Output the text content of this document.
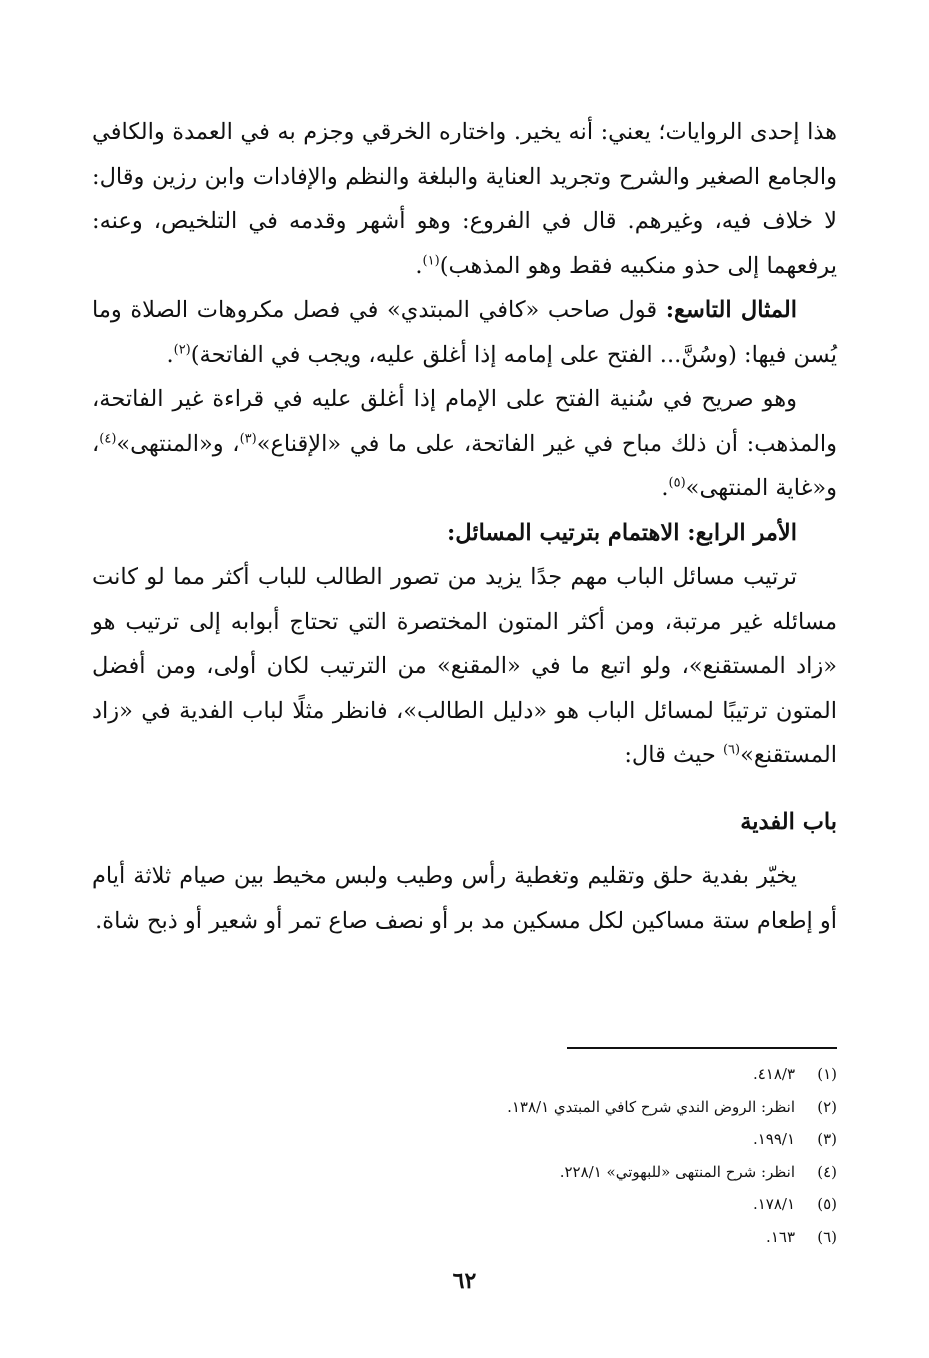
هذا إحدى الروايات؛ يعني: أنه يخير. واختاره الخرقي وجزم به في العمدة والكافي والجامع الصغير والشرح وتجريد العناية والبلغة والنظم والإفادات وابن رزين وقال: لا خلاف فيه، وغيرهم. قال في الفروع: وهو أشهر وقدمه في التلخيص، وعنه: يرفعهما إلى حذو منكبيه فقط وهو المذهب)$^{(١)}$.

المثال التاسع: قول صاحب «كافي المبتدي» في فصل مكروهات الصلاة وما يُسن فيها: (وسُنَّ... الفتح على إمامه إذا أغلق عليه، ويجب في الفاتحة)$^{(٢)}$.

وهو صريح في سُنية الفتح على الإمام إذا أغلق عليه في قراءة غير الفاتحة، والمذهب: أن ذلك مباح في غير الفاتحة، على ما في «الإقناع»$^{(٣)}$، و«المنتهى»$^{(٤)}$، و«غاية المنتهى»$^{(٥)}$.

الأمر الرابع: الاهتمام بترتيب المسائل:

ترتيب مسائل الباب مهم جدًا يزيد من تصور الطالب للباب أكثر مما لو كانت مسائله غير مرتبة، ومن أكثر المتون المختصرة التي تحتاج أبوابه إلى ترتيب هو «زاد المستقنع»، ولو اتبع ما في «المقنع» من الترتيب لكان أولى، ومن أفضل المتون ترتيبًا لمسائل الباب هو «دليل الطالب»، فانظر مثلًا لباب الفدية في «زاد المستقنع»$^{(٦)}$ حيث قال:

باب الفدية

يخيّر بفدية حلق وتقليم وتغطية رأس وطيب ولبس مخيط بين صيام ثلاثة أيام أو إطعام ستة مساكين لكل مسكين مد بر أو نصف صاع تمر أو شعير أو ذبح شاة.

(١)
٤١٨/٣.
(٢)
انظر: الروض الندي شرح كافي المبتدي ١٣٨/١.
(٣)
١٩٩/١.
(٤)
انظر: شرح المنتهى «للبهوتي» ٢٢٨/١.
(٥)
١٧٨/١.
(٦)
١٦٣.
٦٢
